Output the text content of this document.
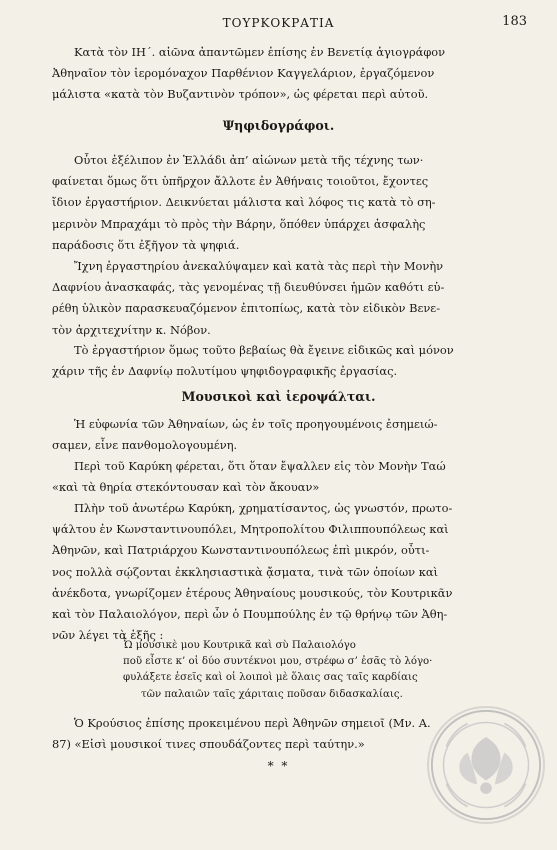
ΤΟΥΡΚΟΚΡΑΤΙΑ	183
Κατὰ τὸν ΙΗ΄. αἰῶνα ἀπαντῶμεν ἐπίσης ἐν Βενετίᾳ ἁγιογράφον
Ἀθηναῖον τὸν ἱερομόναχον Παρθένιον Καγγελάριον, ἐργαζόμενον
μάλιστα «κατὰ τὸν Βυζαντινὸν τρόπον», ὡς φέρεται περὶ αὐτοῦ.
Ψηφιδογράφοι.
Οὗτοι ἐξέλιπον ἐν Ἑλλάδι ἀπ’ αἰώνων μετὰ τῆς τέχνης των·
φαίνεται ὅμως ὅτι ὑπῆρχον ἄλλοτε ἐν Ἀθήναις τοιοῦτοι, ἔχοντες
ἴδιον ἐργαστήριον. Δεικνύεται μάλιστα καὶ λόφος τις κατὰ τὸ ση-
μερινὸν Μπραχάμι τὸ πρὸς τὴν Βάρην, ὅπόθεν ὑπάρχει ἀσφαλὴς
παράδοσις ὅτι ἐξῆγον τὰ ψηφιά.
Ἴχνη ἐργαστηρίου ἀνεκαλύψαμεν καὶ κατὰ τὰς περὶ τὴν Μονὴν
Δαφνίου ἀνασκαφάς, τὰς γενομένας τῇ διευθύνσει ἡμῶν καθότι εὑ-
ρέθη ὑλικὸν παρασκευαζόμενον ἐπιτοπίως, κατὰ τὸν εἰδικὸν Βενε-
τὸν ἀρχιτεχνίτην κ. Νόβον.
Τὸ ἐργαστήριον ὅμως τοῦτο βεβαίως θὰ ἔγεινε εἰδικῶς καὶ μόνον
χάριν τῆς ἐν Δαφνίῳ πολυτίμου ψηφιδογραφικῆς ἐργασίας.
Μουσικοὶ καὶ ἱεροψάλται.
Ἡ εὐφωνία τῶν Ἀθηναίων, ὡς ἐν τοῖς προηγουμένοις ἐσημειώ-
σαμεν, εἶνε πανθομολογουμένη.
Περὶ τοῦ Καρύκη φέρεται, ὅτι ὅταν ἔψαλλεν εἰς τὸν Μονὴν Ταώ
«καὶ τὰ θηρία στεκόντουσαν καὶ τὸν ἄκουαν»
Πλὴν τοῦ ἀνωτέρω Καρύκη, χρηματίσαντος, ὡς γνωστόν, πρωτο-
ψάλτου ἐν Κωνσταντινουπόλει, Μητροπολίτου Φιλιππουπόλεως καὶ
Ἀθηνῶν, καὶ Πατριάρχου Κωνσταντινουπόλεως ἐπὶ μικρόν, οὗτι-
νος πολλὰ σῴζονται ἐκκλησιαστικὰ ᾄσματα, τινὰ τῶν ὁποίων καὶ
ἀνέκδοτα, γνωρίζομεν ἑτέρους Ἀθηναίους μουσικούς, τὸν Κουτρικᾶν
καὶ τὸν Παλαιολόγον, περὶ ὧν ὁ Πουμπούλης ἐν τῷ θρήνῳ τῶν Ἀθη-
νῶν λέγει τὰ ἑξῆς :
Ὦ μουσικὲ μου Κουτρικᾶ καὶ σὺ Παλαιολόγο
ποῦ εἶστε κ’ οἱ δύο συντέκνοι μου, στρέφω σ’ ἐσᾶς τὸ λόγο·
φυλάξετε ἐσεῖς καὶ οἱ λοιποὶ μὲ ὅλαις σας ταῖς καρδίαις
τῶν παλαιῶν ταῖς χάριταις ποῦσαν διδασκαλίαις.
Ὁ Κρούσιος ἐπίσης προκειμένου περὶ Ἀθηνῶν σημειοῖ (Μν. Α.
87) «Εἰσὶ μουσικοί τινες σπουδάζοντες περὶ ταύτην.»
* *
